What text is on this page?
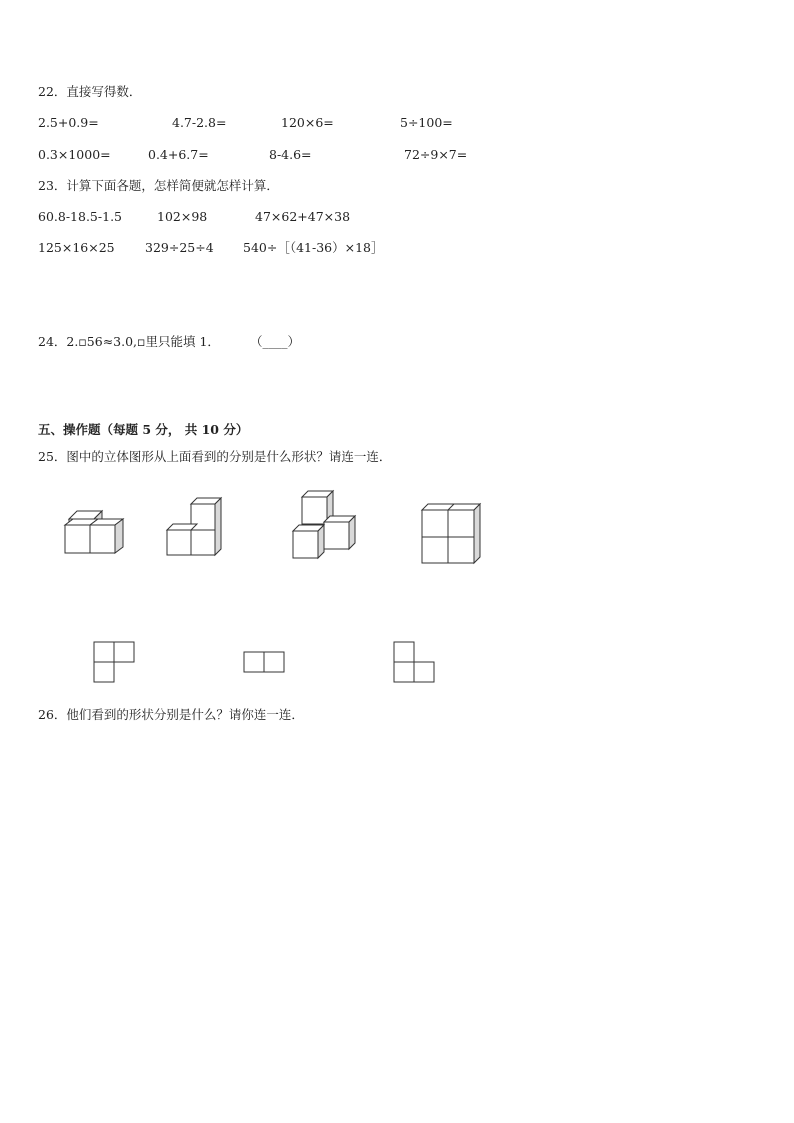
22．直接写得数．
2.5+0.9=	4.7-2.8=	120×6=	5÷100=
0.3×1000=	0.4+6.7=	8-4.6=	72÷9×7=
23．计算下面各题，怎样简便就怎样计算．
60.8-18.5-1.5	102×98	47×62+47×38
125×16×25 329÷25÷4 540÷［（41-36）×18］
24．2.▫56≈3.0,▫里只能填 1． （____）
五、操作题（每题 5 分， 共 10 分）
25．图中的立体图形从上面看到的分别是什么形状？请连一连．
26．他们看到的形状分别是什么？请你连一连．
